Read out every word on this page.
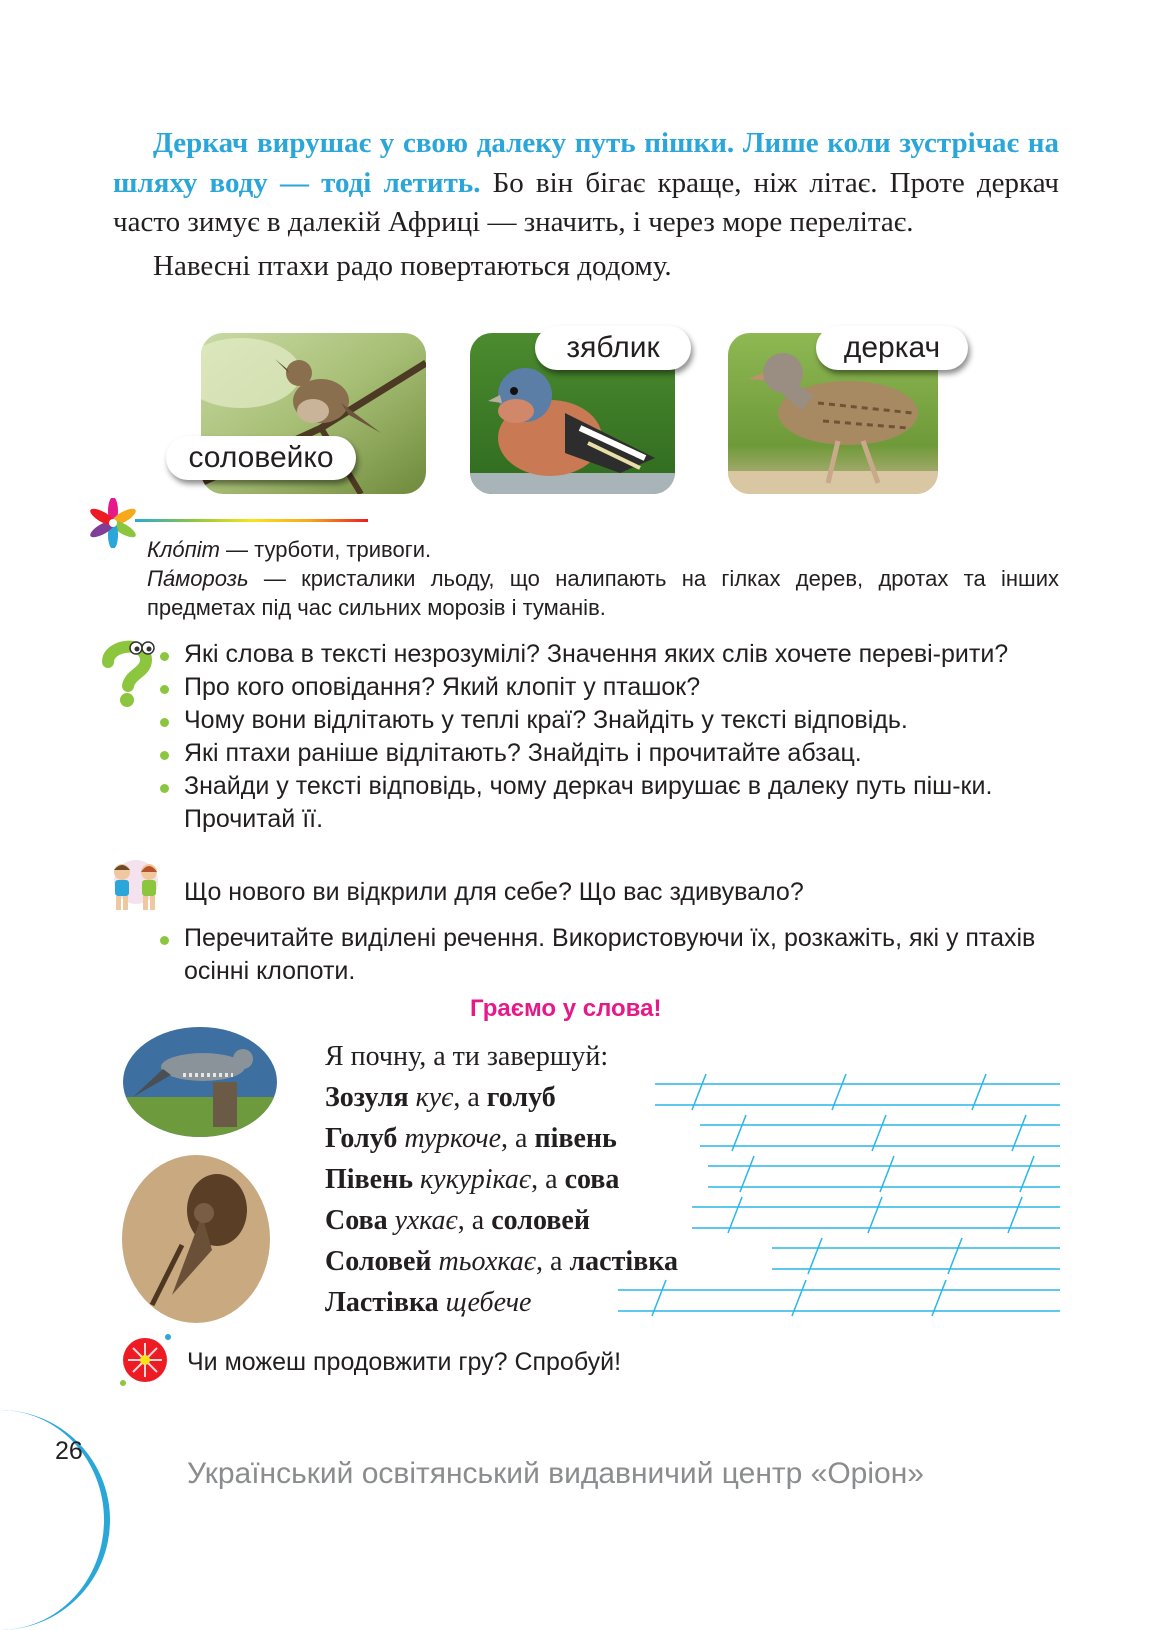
Деркач вирушає у свою далеку путь пішки. Лише коли зустрічає на шляху воду — тоді летить. Бо він бігає краще, ніж літає. Проте деркач часто зимує в далекій Африці — значить, і через море перелітає.

Навесні птахи радо повертаються додому.

соловейко
зяблик	деркач

Кло́піт — турботи, тривоги.

Па́морозь — кристалики льоду, що налипають на гілках дерев, дротах та інших предметах під час сильних морозів і туманів.

Які слова в тексті незрозумілі? Значення яких слів хочете переві-рити?
Про кого оповідання? Який клопіт у пташок?
Чому вони відлітають у теплі краї? Знайдіть у тексті відповідь.
Які птахи раніше відлітають? Знайдіть і прочитайте абзац.
Знайди у тексті відповідь, чому деркач вирушає в далеку путь піш-ки. Прочитай її.
Що нового ви відкрили для себе? Що вас здивувало?
Перечитайте виділені речення. Використовуючи їх, розкажіть, які у птахів осінні клопоти.
Граємо у слова!
Я почну, а ти завершуй:
Зозуля кує, а голуб
Голуб туркоче, а півень
Півень кукурікає, а сова
Сова ухкає, а соловей
Соловей тьохкає, а ластівка
Ластівка щебече
Чи можеш продовжити гру? Спробуй!
26
Український освітянський видавничий центр «Оріон»
